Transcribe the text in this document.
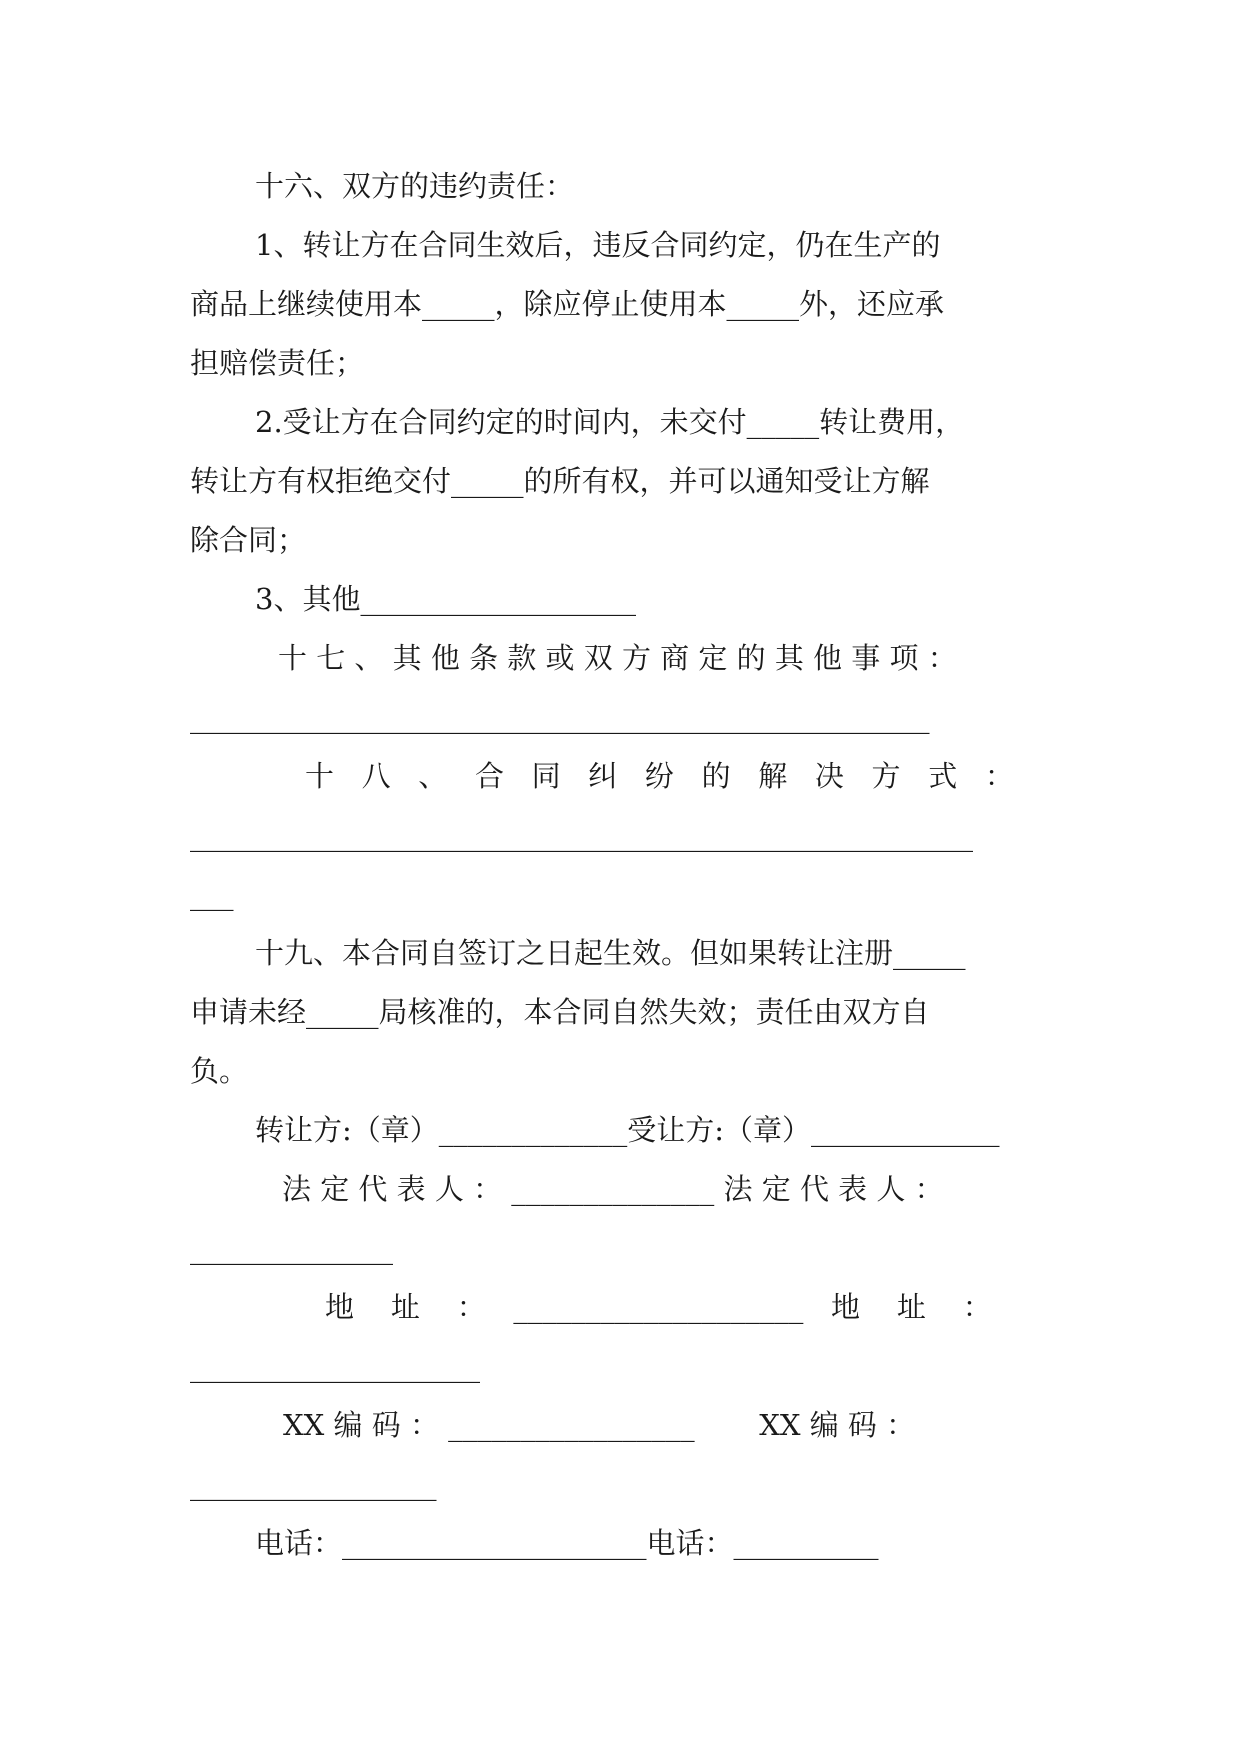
十六、双方的违约责任：
1、转让方在合同生效后，违反合同约定，仍在生产的
商品上继续使用本_____，除应停止使用本_____外，还应承
担赔偿责任；
2.受让方在合同约定的时间内，未交付_____转让费用，
转让方有权拒绝交付_____的所有权，并可以通知受让方解
除合同；
3、其他___________________
十 七 、 其 他 条 款 或 双 方 商 定 的 其 他 事 项 ：
___________________________________________________
十   八   、   合   同   纠   纷   的   解   决   方   式   ：
______________________________________________________
___
十九、本合同自签订之日起生效。但如果转让注册_____
申请未经_____局核准的，本合同自然失效；责任由双方自
负。
转让方:（章）_____________受让方:（章）_____________
法 定 代 表 人 ： ______________ 法 定 代 表 人 ：
______________
地    址    ：   ____________________   地    址    ：
____________________
XX 编 码 ： _________________       XX 编 码 ：
_________________
电话：_____________________电话：__________
